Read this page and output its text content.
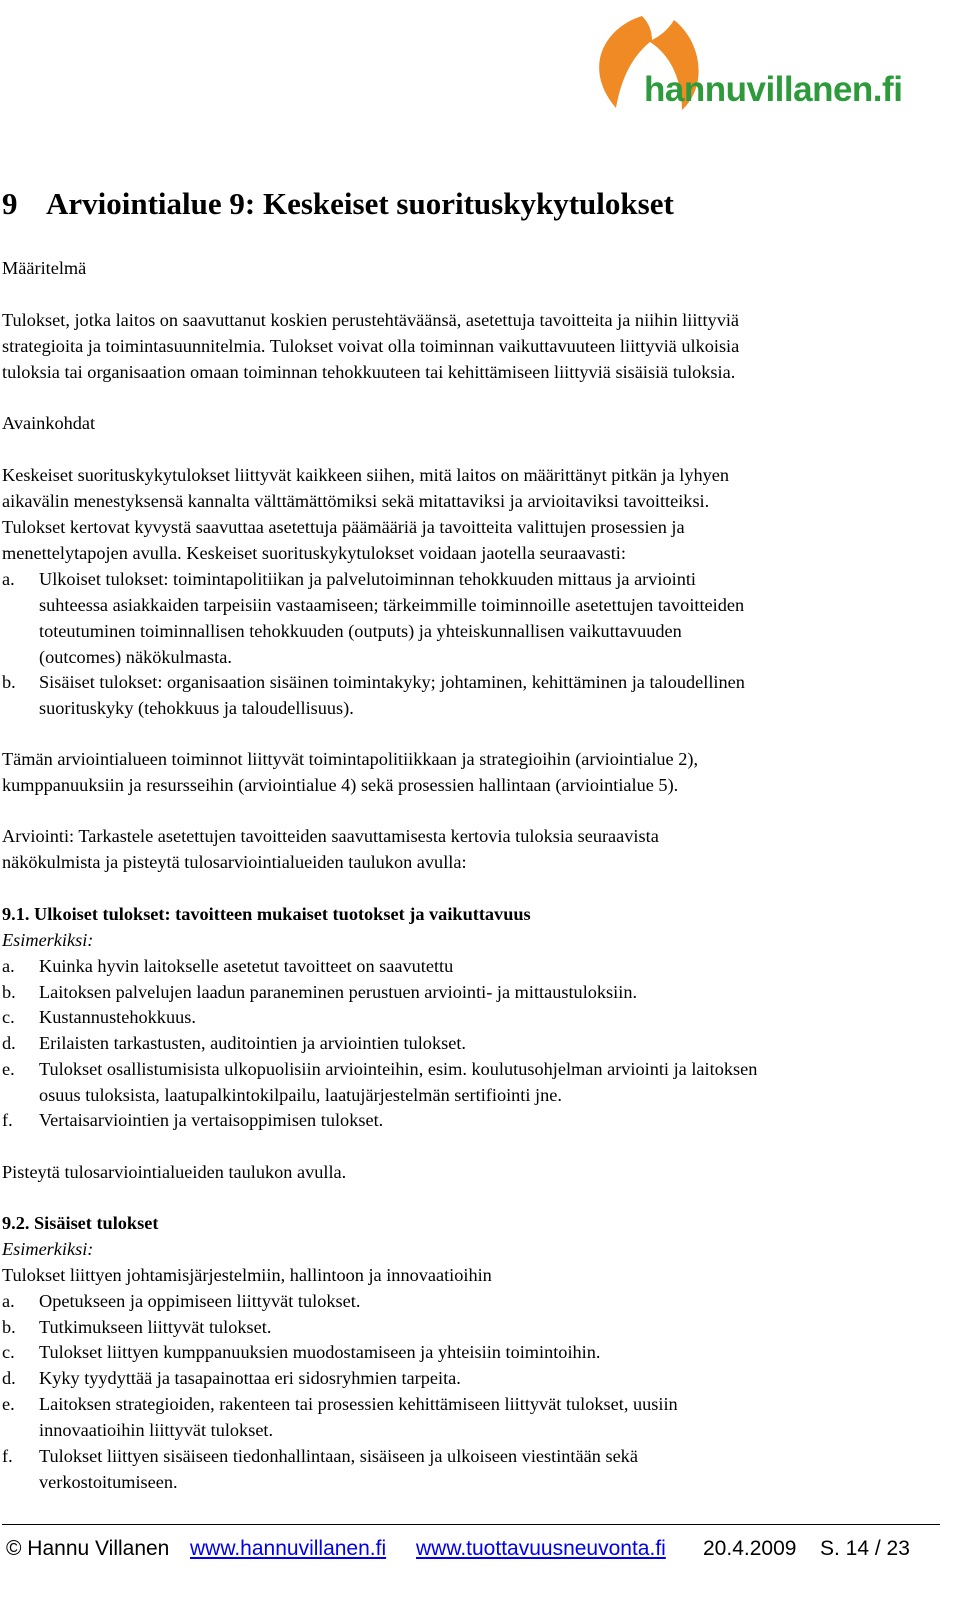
hannuvillanen.fi
9 Arviointialue 9: Keskeiset suorituskykytulokset
Määritelmä
Tulokset, jotka laitos on saavuttanut koskien perustehtäväänsä, asetettuja tavoitteita ja niihin liittyviä
strategioita ja toimintasuunnitelmia. Tulokset voivat olla toiminnan vaikuttavuuteen liittyviä ulkoisia
tuloksia tai organisaation omaan toiminnan tehokkuuteen tai kehittämiseen liittyviä sisäisiä tuloksia.
Avainkohdat
Keskeiset suorituskykytulokset liittyvät kaikkeen siihen, mitä laitos on määrittänyt pitkän ja lyhyen
aikavälin menestyksensä kannalta välttämättömiksi sekä mitattaviksi ja arvioitaviksi tavoitteiksi.
Tulokset kertovat kyvystä saavuttaa asetettuja päämääriä ja tavoitteita valittujen prosessien ja
menettelytapojen avulla. Keskeiset suorituskykytulokset voidaan jaotella seuraavasti:
a. Ulkoiset tulokset: toimintapolitiikan ja palvelutoiminnan tehokkuuden mittaus ja arviointi
suhteessa asiakkaiden tarpeisiin vastaamiseen; tärkeimmille toiminnoille asetettujen tavoitteiden
toteutuminen toiminnallisen tehokkuuden (outputs) ja yhteiskunnallisen vaikuttavuuden
(outcomes) näkökulmasta.
b. Sisäiset tulokset: organisaation sisäinen toimintakyky; johtaminen, kehittäminen ja taloudellinen
suorituskyky (tehokkuus ja taloudellisuus).
Tämän arviointialueen toiminnot liittyvät toimintapolitiikkaan ja strategioihin (arviointialue 2),
kumppanuuksiin ja resursseihin (arviointialue 4) sekä prosessien hallintaan (arviointialue 5).
Arviointi: Tarkastele asetettujen tavoitteiden saavuttamisesta kertovia tuloksia seuraavista
näkökulmista ja pisteytä tulosarviointialueiden taulukon avulla:
9.1. Ulkoiset tulokset: tavoitteen mukaiset tuotokset ja vaikuttavuus
Esimerkiksi:
a. Kuinka hyvin laitokselle asetetut tavoitteet on saavutettu
b. Laitoksen palvelujen laadun paraneminen perustuen arviointi- ja mittaustuloksiin.
c. Kustannustehokkuus.
d. Erilaisten tarkastusten, auditointien ja arviointien tulokset.
e. Tulokset osallistumisista ulkopuolisiin arviointeihin, esim. koulutusohjelman arviointi ja laitoksen
osuus tuloksista, laatupalkintokilpailu, laatujärjestelmän sertifiointi jne.
f. Vertaisarviointien ja vertaisoppimisen tulokset.
Pisteytä tulosarviointialueiden taulukon avulla.
9.2. Sisäiset tulokset
Esimerkiksi:
Tulokset liittyen johtamisjärjestelmiin, hallintoon ja innovaatioihin
a. Opetukseen ja oppimiseen liittyvät tulokset.
b. Tutkimukseen liittyvät tulokset.
c. Tulokset liittyen kumppanuuksien muodostamiseen ja yhteisiin toimintoihin.
d. Kyky tyydyttää ja tasapainottaa eri sidosryhmien tarpeita.
e. Laitoksen strategioiden, rakenteen tai prosessien kehittämiseen liittyvät tulokset, uusiin
innovaatioihin liittyvät tulokset.
f. Tulokset liittyen sisäiseen tiedonhallintaan, sisäiseen ja ulkoiseen viestintään sekä
verkostoitumiseen.
© Hannu Villanen www.hannuvillanen.fi www.tuottavuusneuvonta.fi 20.4.2009 S. 14 / 23
